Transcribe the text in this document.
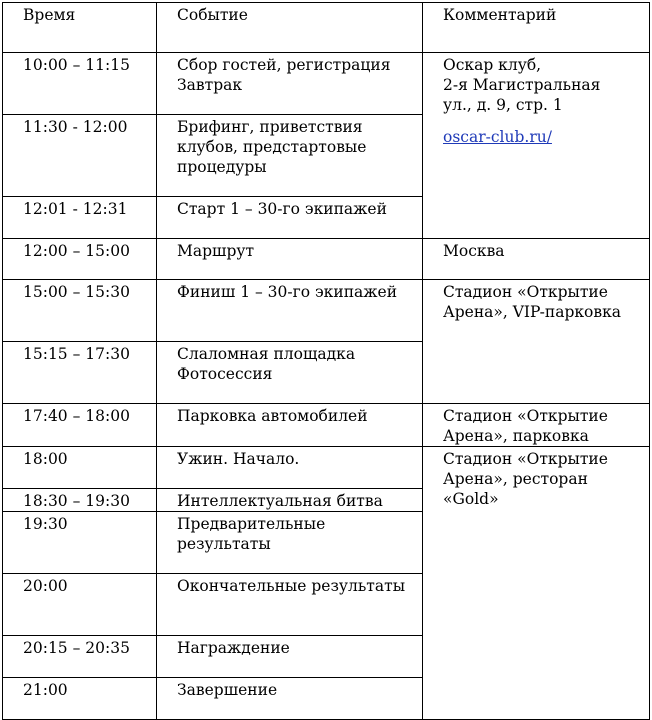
Время	Событие	Комментарий
10:00 – 11:15	Сбор гостей, регистрация Завтрак	Оскар клуб,
2-я Магистральная
ул., д. 9, стр. 1
oscar-club.ru/

11:30 - 12:00	Брифинг, приветствия клубов, предстартовые процедуры	
12:01 - 12:31	Старт 1 – 30-го экипажей	
12:00 – 15:00	Маршрут	Москва
15:00 – 15:30	Финиш 1 – 30-го экипажей	Стадион «Открытие Арена», VIP-парковка
15:15 – 17:30	Слаломная площадка Фотосессия	
17:40 – 18:00	Парковка автомобилей	Стадион «Открытие Арена», парковка
18:00	Ужин. Начало.	Стадион «Открытие Арена», ресторан «Gold»
18:30 – 19:30	Интеллектуальная битва	
19:30	Предварительные результаты	
20:00	Окончательные результаты	
20:15 – 20:35	Награждение	
21:00	Завершение	
